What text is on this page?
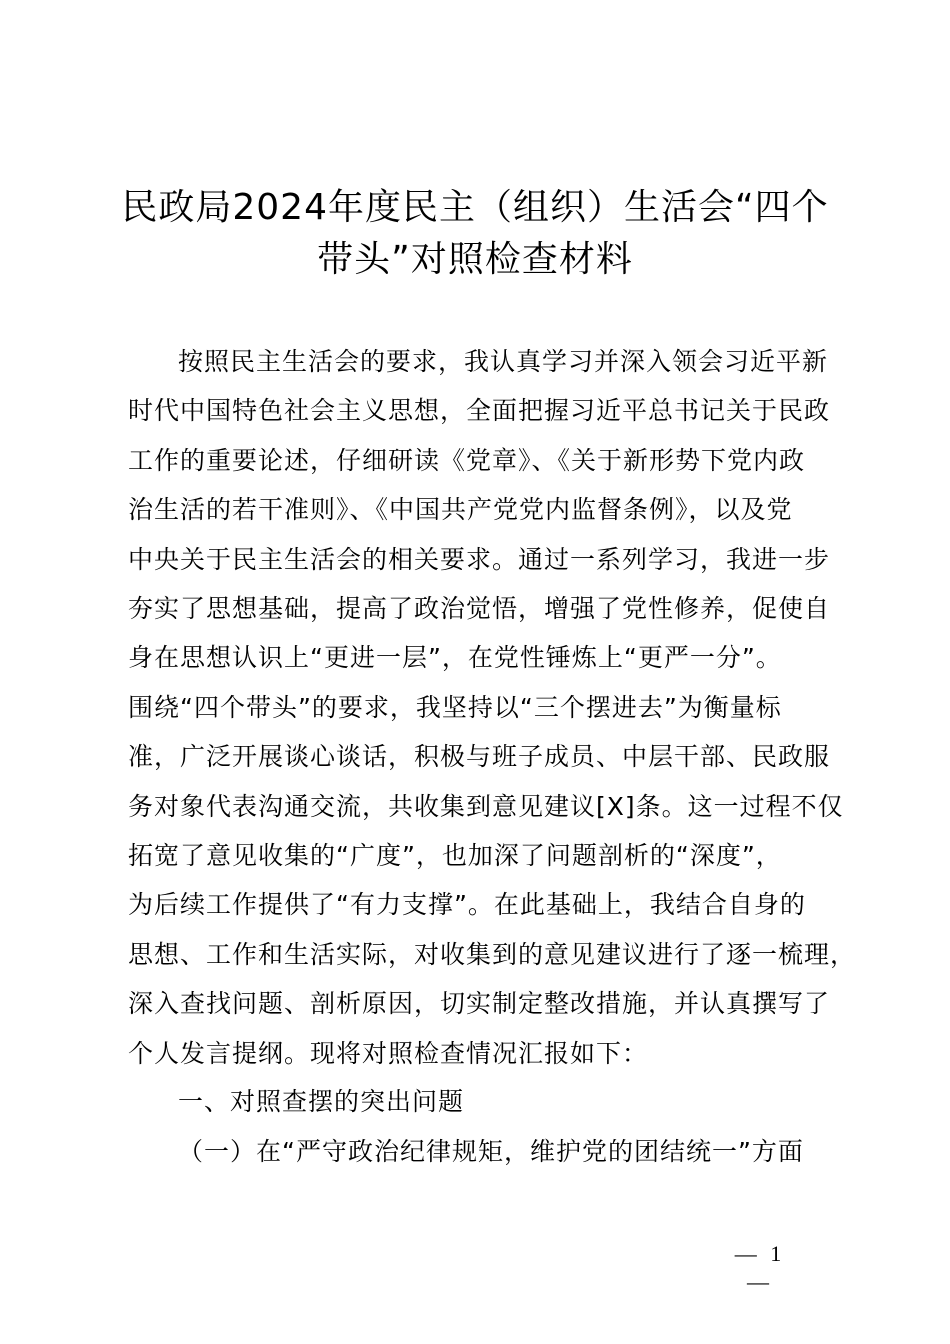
民政局2024年度民主（组织）生活会“四个
带头”对照检查材料
按照民主生活会的要求，我认真学习并深入领会习近平新
时代中国特色社会主义思想，全面把握习近平总书记关于民政
工作的重要论述，仔细研读《党章》、《关于新形势下党内政
治生活的若干准则》、《中国共产党党内监督条例》，以及党
中央关于民主生活会的相关要求。通过一系列学习，我进一步
夯实了思想基础，提高了政治觉悟，增强了党性修养，促使自
身在思想认识上“更进一层”，在党性锤炼上“更严一分”。
围绕“四个带头”的要求，我坚持以“三个摆进去”为衡量标
准，广泛开展谈心谈话，积极与班子成员、中层干部、民政服
务对象代表沟通交流，共收集到意见建议[X]条。这一过程不仅
拓宽了意见收集的“广度”，也加深了问题剖析的“深度”，
为后续工作提供了“有力支撑”。在此基础上，我结合自身的
思想、工作和生活实际，对收集到的意见建议进行了逐一梳理，
深入查找问题、剖析原因，切实制定整改措施，并认真撰写了
个人发言提纲。现将对照检查情况汇报如下：
一、对照查摆的突出问题
（一）在“严守政治纪律规矩，维护党的团结统一”方面
— 1 —
